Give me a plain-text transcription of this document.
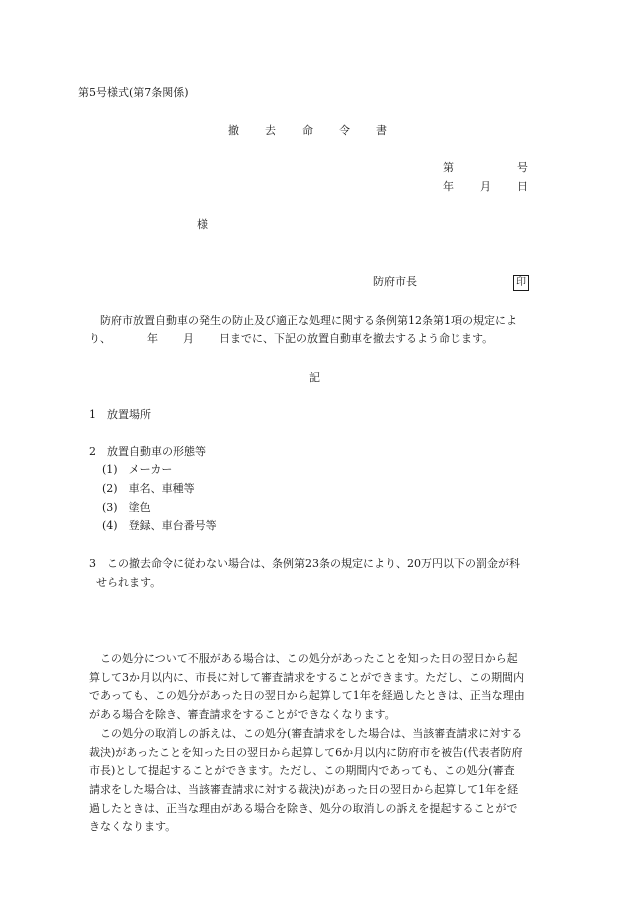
第5号様式(第7条関係)
撤 去 命 令 書
第	号
年 月 日
様
防府市長	印
防府市放置自動車の発生の防止及び適正な処理に関する条例第12条第1項の規定によ
り、	年 月 日までに、下記の放置自動車を撤去するよう命じます。
記
1　放置場所
2　放置自動車の形態等
(1)　メーカー
(2)　車名、車種等
(3)　塗色
(4)　登録、車台番号等
3　この撤去命令に従わない場合は、条例第23条の規定により、20万円以下の罰金が科
せられます。

この処分について不服がある場合は、この処分があったことを知った日の翌日から起算して3か月以内に、市長に対して審査請求をすることができます。ただし、この期間内であっても、この処分があった日の翌日から起算して1年を経過したときは、正当な理由がある場合を除き、審査請求をすることができなくなります。

この処分の取消しの訴えは、この処分(審査請求をした場合は、当該審査請求に対する裁決)があったことを知った日の翌日から起算して6か月以内に防府市を被告(代表者防府市長)として提起することができます。ただし、この期間内であっても、この処分(審査請求をした場合は、当該審査請求に対する裁決)があった日の翌日から起算して1年を経過したときは、正当な理由がある場合を除き、処分の取消しの訴えを提起することができなくなります。
